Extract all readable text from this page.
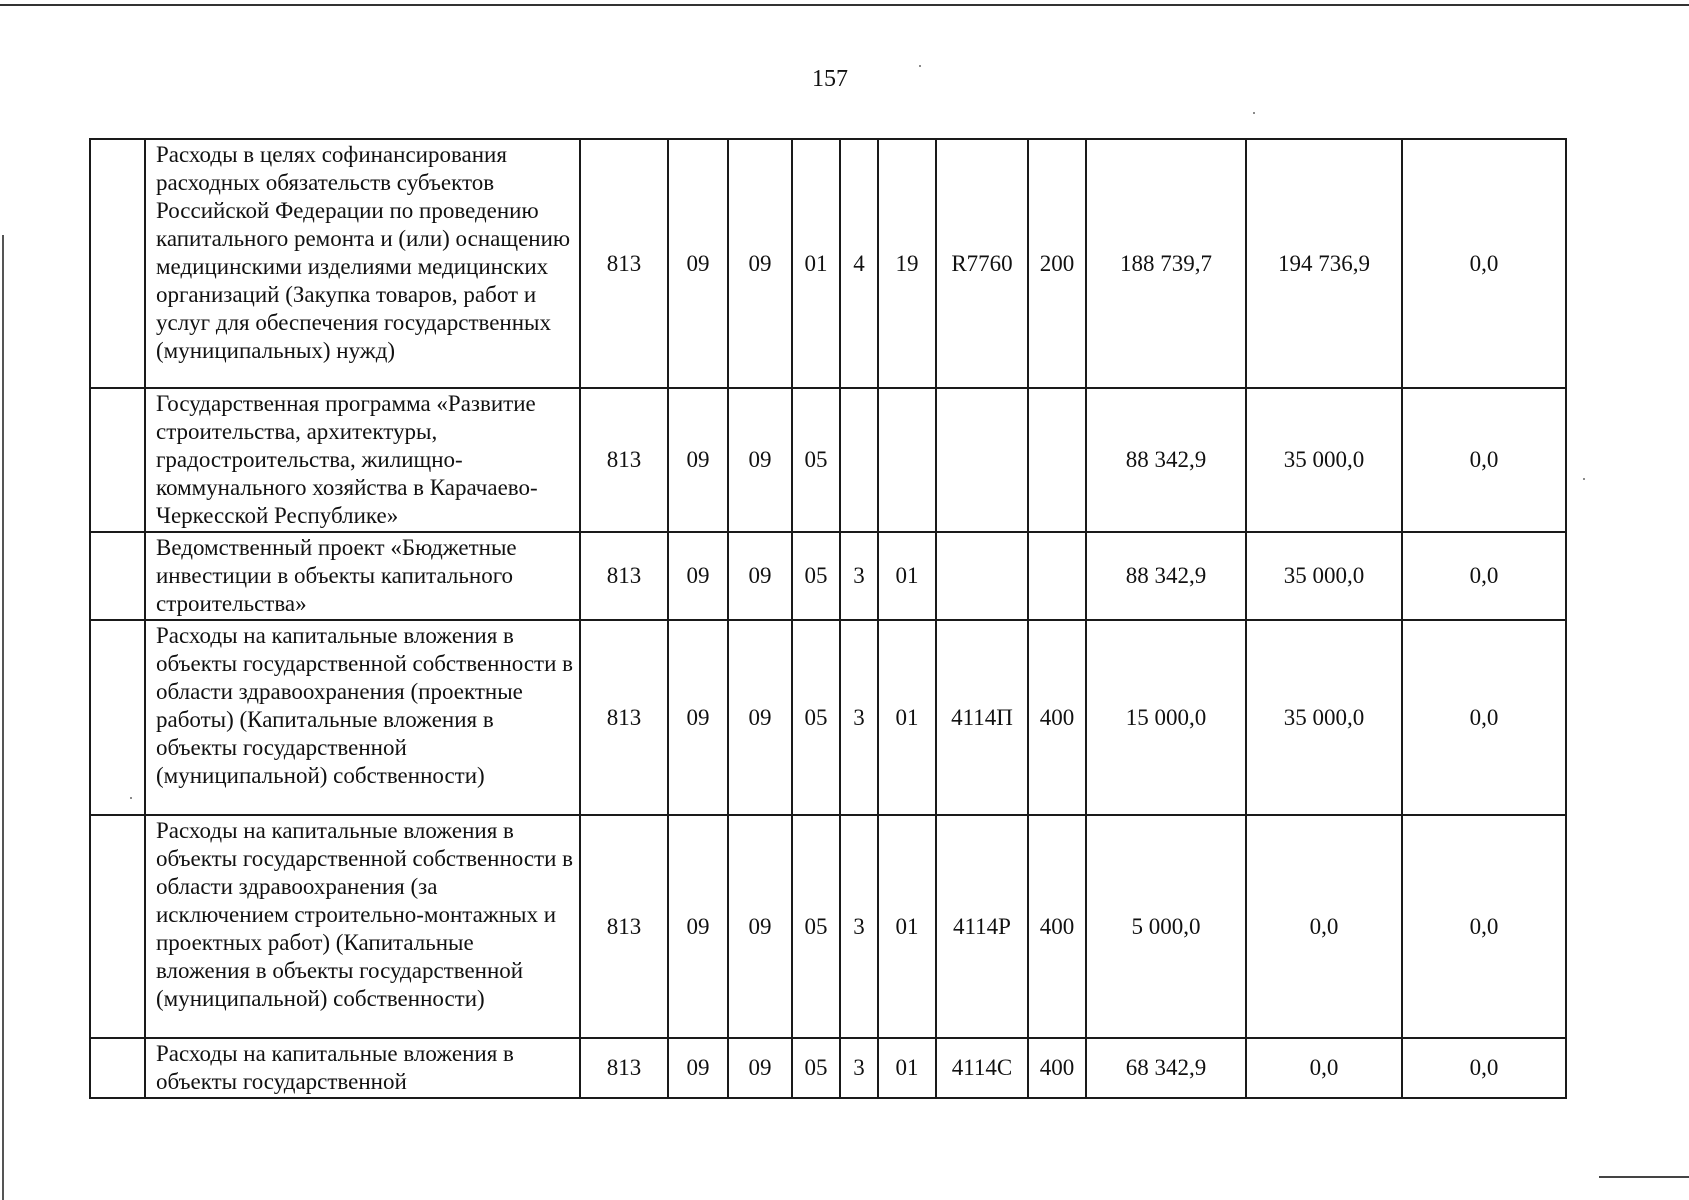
157
	Расходы в целях софинансирования расходных обязательств субъектов Российской Федерации по проведению капитального ремонта и (или) оснащению медицинскими изделиями медицинских организаций (Закупка товаров, работ и услуг для обеспечения государственных (муниципальных) нужд)	813	09	09	01	4	19	R7760	200	188 739,7	194 736,9	0,0
	Государственная программа «Развитие строительства, архитектуры, градостроительства, жилищно-коммунального хозяйства в Карачаево-Черкесской Республике»	813	09	09	05					88 342,9	35 000,0	0,0
	Ведомственный проект «Бюджетные инвестиции в объекты капитального строительства»	813	09	09	05	3	01			88 342,9	35 000,0	0,0
	Расходы на капитальные вложения в объекты государственной собственности в области здравоохранения (проектные работы) (Капитальные вложения в объекты государственной (муниципальной) собственности)	813	09	09	05	3	01	4114П	400	15 000,0	35 000,0	0,0
	Расходы на капитальные вложения в объекты государственной собственности в области здравоохранения (за исключением строительно-монтажных и проектных работ) (Капитальные вложения в объекты государственной (муниципальной) собственности)	813	09	09	05	3	01	4114Р	400	5 000,0	0,0	0,0
	Расходы на капитальные вложения в объекты государственной	813	09	09	05	3	01	4114С	400	68 342,9	0,0	0,0
